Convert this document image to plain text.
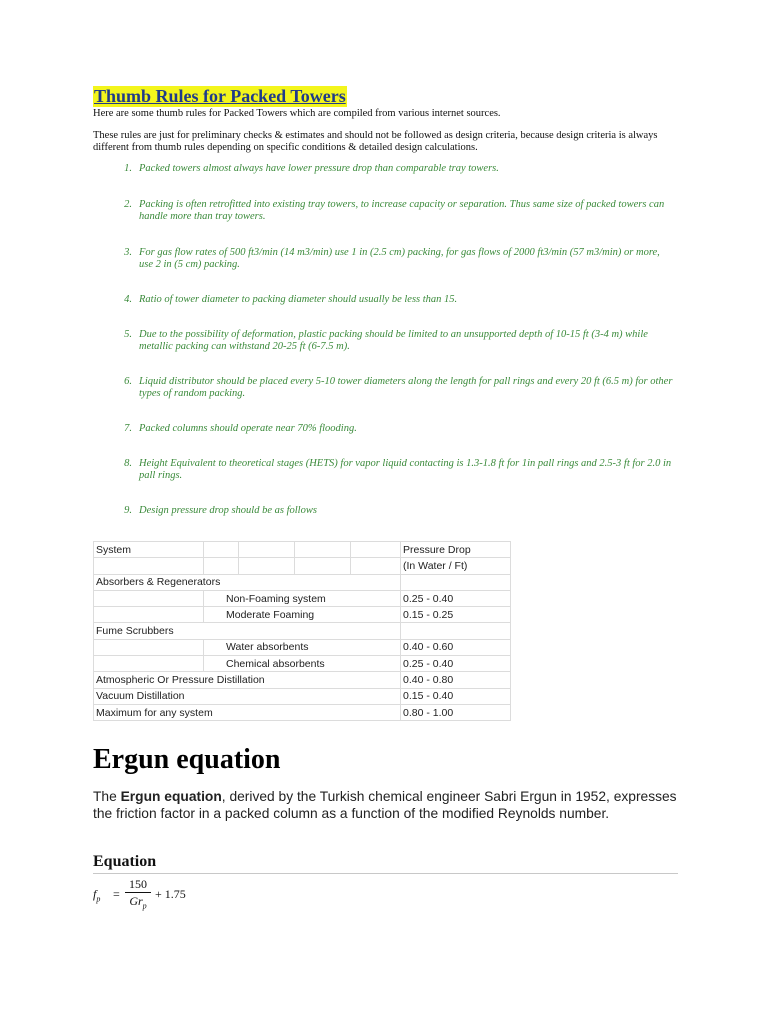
Thumb Rules for Packed Towers

Here are some thumb rules for Packed Towers which are compiled from various internet sources.

These rules are just for preliminary checks & estimates and should not be followed as design criteria, because design criteria is always different from thumb rules depending on specific conditions & detailed design calculations.

1. Packed towers almost always have lower pressure drop than comparable tray towers.
2. Packing is often retrofitted into existing tray towers, to increase capacity or separation. Thus same size of packed towers can handle more than tray towers.
3. For gas flow rates of 500 ft3/min (14 m3/min) use 1 in (2.5 cm) packing, for gas flows of 2000 ft3/min (57 m3/min) or more, use 2 in (5 cm) packing.
4. Ratio of tower diameter to packing diameter should usually be less than 15.
5. Due to the possibility of deformation, plastic packing should be limited to an unsupported depth of 10-15 ft (3-4 m) while metallic packing can withstand 20-25 ft (6-7.5 m).
6. Liquid distributor should be placed every 5-10 tower diameters along the length for pall rings and every 20 ft (6.5 m) for other types of random packing.
7. Packed columns should operate near 70% flooding.
8. Height Equivalent to theoretical stages (HETS) for vapor liquid contacting is 1.3-1.8 ft for 1in pall rings and 2.5-3 ft for 2.0 in pall rings.
9. Design pressure drop should be as follows
System					Pressure Drop
					(In Water / Ft)
Absorbers & Regenerators					
	Non-Foaming system				0.25 - 0.40
	Moderate Foaming				0.15 - 0.25
Fume Scrubbers					
	Water absorbents				0.40 - 0.60
	Chemical absorbents				0.25 - 0.40
Atmospheric Or Pressure Distillation					0.40 - 0.80
Vacuum Distillation					0.15 - 0.40
Maximum for any system					0.80 - 1.00
Ergun equation

The Ergun equation, derived by the Turkish chemical engineer Sabri Ergun in 1952, expresses the friction factor in a packed column as a function of the modified Reynolds number.

Equation
$f_p$ =
150
$Gr_p$
+ 1.75
